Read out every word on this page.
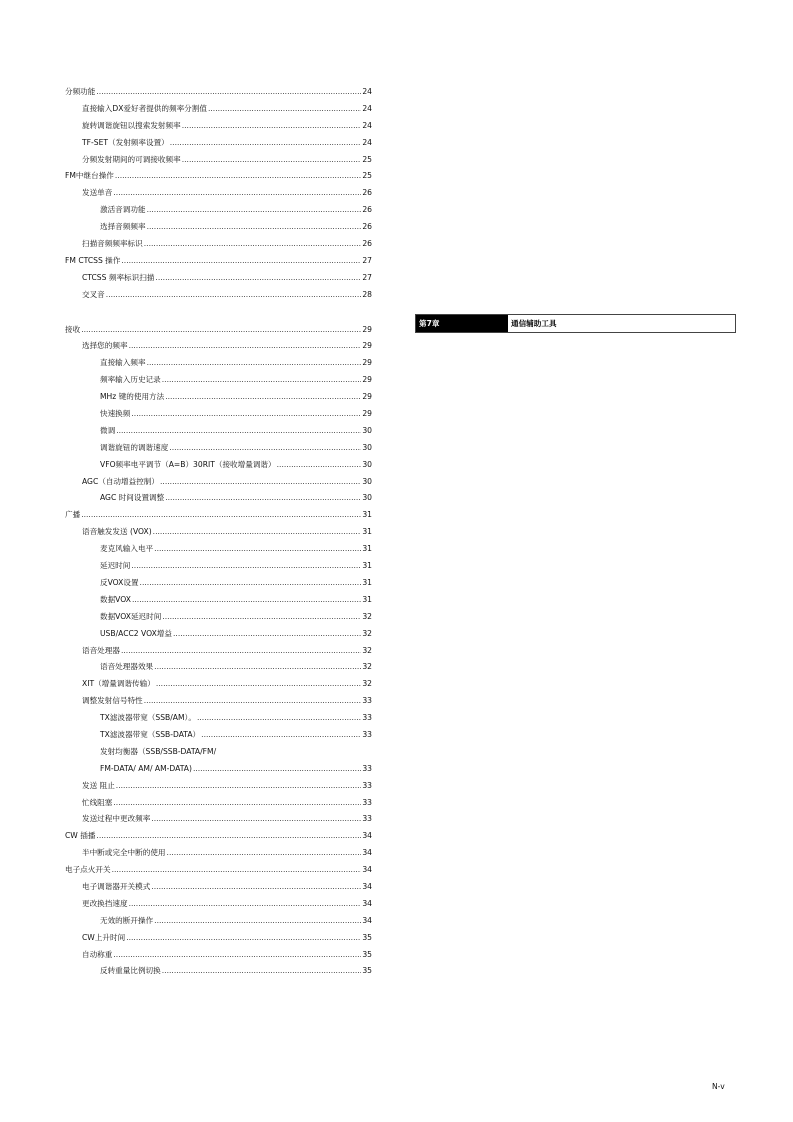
分频功能 .....	24
直接输入DX爱好者提供的频率分割值 .....	24
旋转调谐旋钮以搜索发射频率 .....	24
TF-SET（发射频率设置） .....	24
分频发射期间的可调接收频率 .....	25
FM中继台操作 .....	25
发送单音 .....	26
激活音调功能 .....	26
选择音频频率 .....	26
扫描音频频率标识 .....	26
FM CTCSS 操作 .....	27
CTCSS 频率标识扫描 .....	27
交叉音 .....	28
接收 .....	29
选择您的频率 .....	29
直接输入频率 .....	29
频率输入历史记录 .....	29
MHz 键的使用方法 .....	29
快速换频 .....	29
微调 .....	30
调谐旋钮的调谐速度 .....	30
VFO频率电平调节（A=B）30RIT（接收增量调谐） .....	30
AGC（自动增益控制） .....	30
AGC 时间设置调整 .....	30
广播 .....	31
语音触发发送 (VOX) .....	31
麦克风输入电平 .....	31
延迟时间 .....	31
反VOX设置 .....	31
数据VOX .....	31
数据VOX延迟时间 .....	32
USB/ACC2 VOX增益 .....	32
语音处理器 .....	32
语音处理器效果 .....	32
XIT（增量调谐传输） .....	32
调整发射信号特性 .....	33
TX滤波器带宽（SSB/AM）。 .....	33
TX滤波器带宽（SSB-DATA） .....	33
发射均衡器（SSB/SSB-DATA/FM/
FM-DATA/ AM/ AM-DATA) .....	33
发送 阻止 .....	33
忙线阻塞 .....	33
发送过程中更改频率 .....	33
CW 插播 .....	34
半中断或完全中断的使用 .....	34
电子点火开关 .....	34
电子调谐器开关模式 .....	34
更改换挡速度 .....	34
无效的断开操作 .....	34
CW上升时间 .....	35
自动称重 .....	35
反转重量比例切换 .....	35
第7章	通信辅助工具
N-v
